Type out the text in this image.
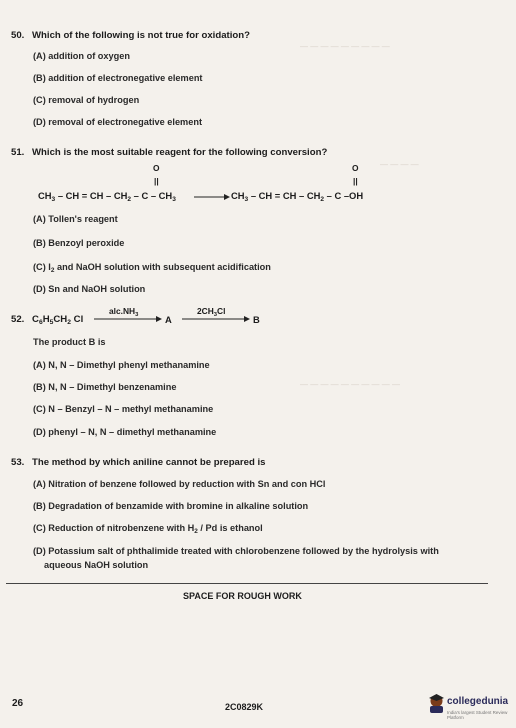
— — — — — — — — —
— — — —
— — — — — — — — — —
50. Which of the following is not true for oxidation?
(A) addition of oxygen
(B) addition of electronegative element
(C) removal of hydrogen
(D) removal of electronegative element
51. Which is the most suitable reagent for the following conversion?
$CH_3$ – CH = CH – $CH_2$ – C – $CH_3$
O
||
→ $CH_3$ – CH = CH – $CH_2$ – C –OH
O
||
(A) Tollen's reagent
(B) Benzoyl peroxide
(C) $I_2$ and NaOH solution with subsequent acidification
(D) Sn and NaOH solution
52. $C_6H_5CH_2$ Cl
$alc.NH_3$	A
$2CH_3Cl$
B
The product B is
(A) N, N – Dimethyl phenyl methanamine
(B) N, N – Dimethyl benzenamine
(C) N – Benzyl – N – methyl methanamine
(D) phenyl – N, N – dimethyl methanamine
53. The method by which aniline cannot be prepared is
(A) Nitration of benzene followed by reduction with Sn and con HCl
(B) Degradation of benzamide with bromine in alkaline solution
(C) Reduction of nitrobenzene with $H_2$ / Pd is ethanol
(D) Potassium salt of phthalimide treated with chlorobenzene followed by the hydrolysis with
aqueous NaOH solution
SPACE FOR ROUGH WORK
26	2C0829K	collegedunia
India's largest Student Review Platform
